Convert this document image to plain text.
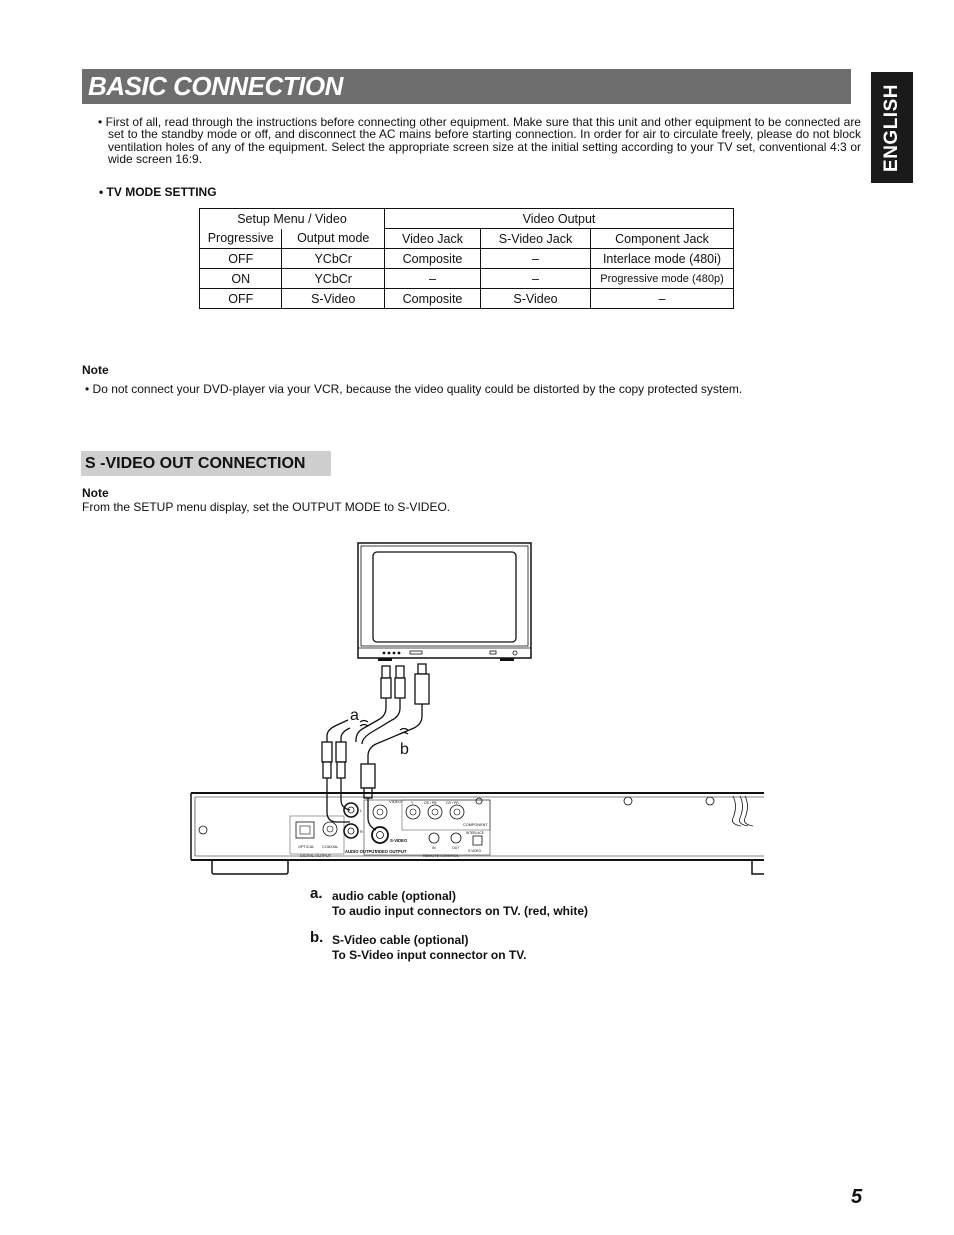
BASIC CONNECTION	ENGLISH

• First of all, read through the instructions before connecting other equipment. Make sure that this unit and other equipment to be connected are set to the standby mode or off, and disconnect the AC mains before starting connection. In order for air to circulate freely, please do not block ventilation holes of any of the equipment. Select the appropriate screen size at the initial setting according to your TV set, conventional 4:3 or wide screen 16:9.

• TV MODE SETTING

Setup Menu / Video		Video Output		
Progressive	Output mode	Video Jack	S-Video Jack	Component Jack
OFF	YCbCr	Composite	–	Interlace mode (480i)
ON	YCbCr	–	–	Progressive mode (480p)
OFF	S-Video	Composite	S-Video	–

Note

• Do not connect your DVD-player via your VCR, because the video quality could be distorted by the copy protected system.

S -VIDEO OUT CONNECTION

Note

From the SETUP menu display, set the OUTPUT MODE to S-VIDEO.

a
b
VIDEO	Y	CB / PB	CR / PR
COMPONENT
OPTICAL COAXIAL
DIGITAL OUTPUT
AUDIO OUTPUT
VIDEO OUTPUT
S-VIDEO
IN	OUT
REMOTE CONTROL
INTERLACE
S-VIDEO
L
R
a. audio cable (optional)

To audio input connectors on TV. (red, white)

b. S-Video cable (optional)

To S-Video input connector on TV.

5
